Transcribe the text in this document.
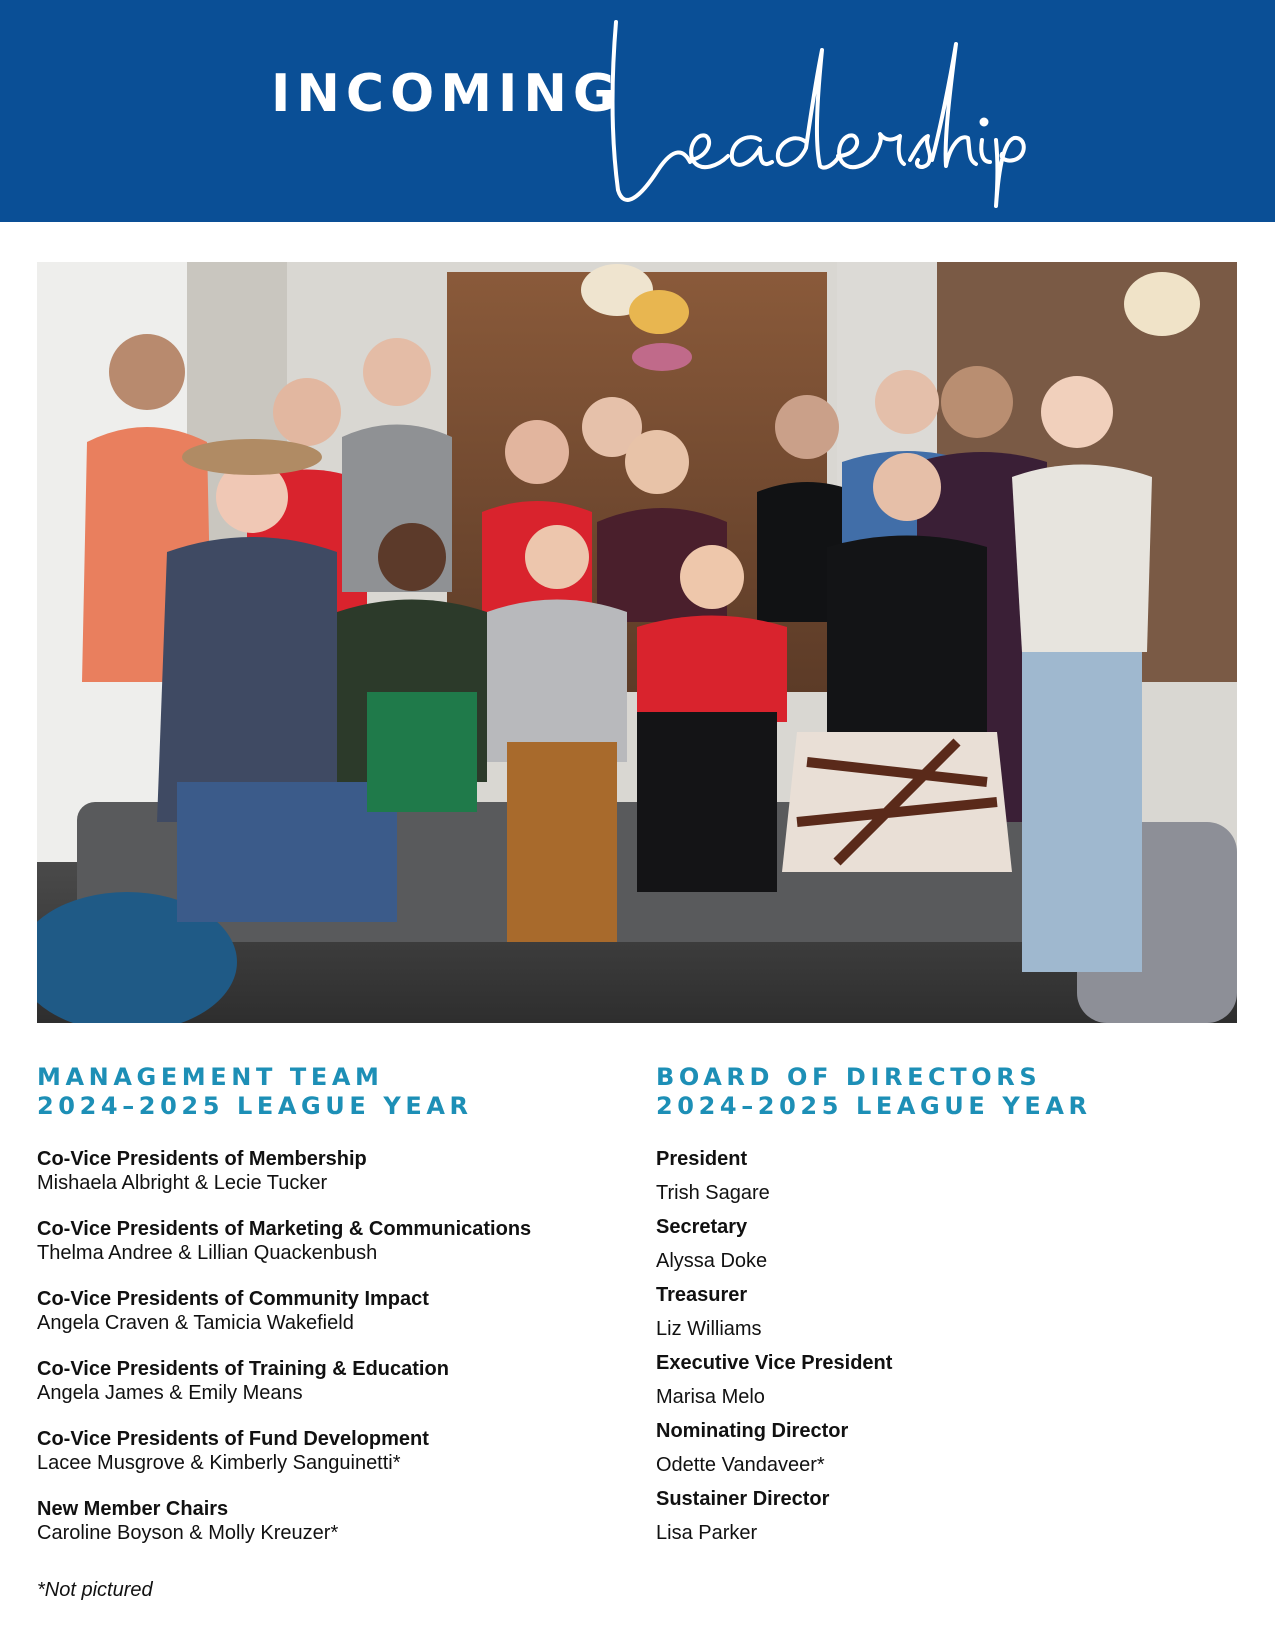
INCOMING
MANAGEMENT TEAM
2024–2025 LEAGUE YEAR
Co-Vice Presidents of Membership
Mishaela Albright & Lecie Tucker
Co-Vice Presidents of Marketing & Communications
Thelma Andree & Lillian Quackenbush
Co-Vice Presidents of Community Impact
Angela Craven & Tamicia Wakefield
Co-Vice Presidents of Training & Education
Angela James & Emily Means
Co-Vice Presidents of Fund Development
Lacee Musgrove & Kimberly Sanguinetti*
New Member Chairs
Caroline Boyson & Molly Kreuzer*
BOARD OF DIRECTORS
2024–2025 LEAGUE YEAR
President
Trish Sagare
Secretary
Alyssa Doke
Treasurer
Liz Williams
Executive Vice President
Marisa Melo
Nominating Director
Odette Vandaveer*
Sustainer Director
Lisa Parker
*Not pictured
